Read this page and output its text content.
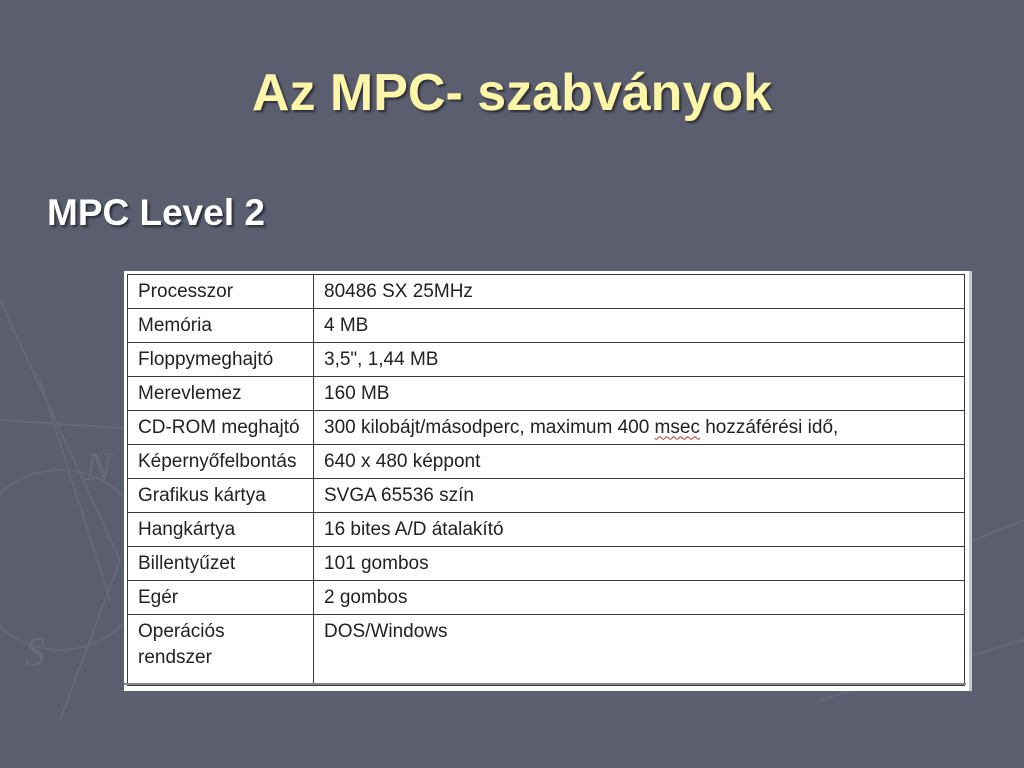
N
S
Az MPC- szabványok
MPC Level 2
Processzor	80486 SX 25MHz
Memória	4 MB
Floppymeghajtó	3,5", 1,44 MB
Merevlemez	160 MB
CD-ROM meghajtó	300 kilobájt/másodperc, maximum 400 msec hozzáférési idő,
Képernyőfelbontás	640 x 480 képpont
Grafikus kártya	SVGA 65536 szín
Hangkártya	16 bites A/D átalakító
Billentyűzet	101 gombos
Egér	2 gombos
Operációs
rendszer	DOS/Windows
